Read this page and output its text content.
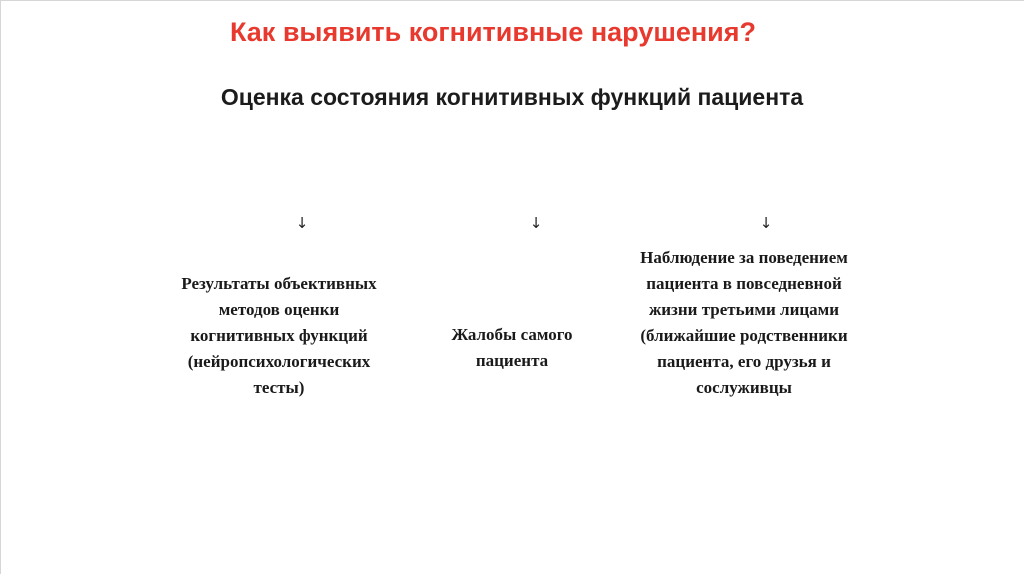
Как выявить когнитивные нарушения?
Оценка состояния когнитивных функций пациента
↓	↓	↓
Результаты объективных методов оценки когнитивных функций (нейропсихологических тесты)
Жалобы самого пациента
Наблюдение за поведением пациента в повседневной жизни третьими лицами (ближайшие родственники пациента, его друзья и сослуживцы
